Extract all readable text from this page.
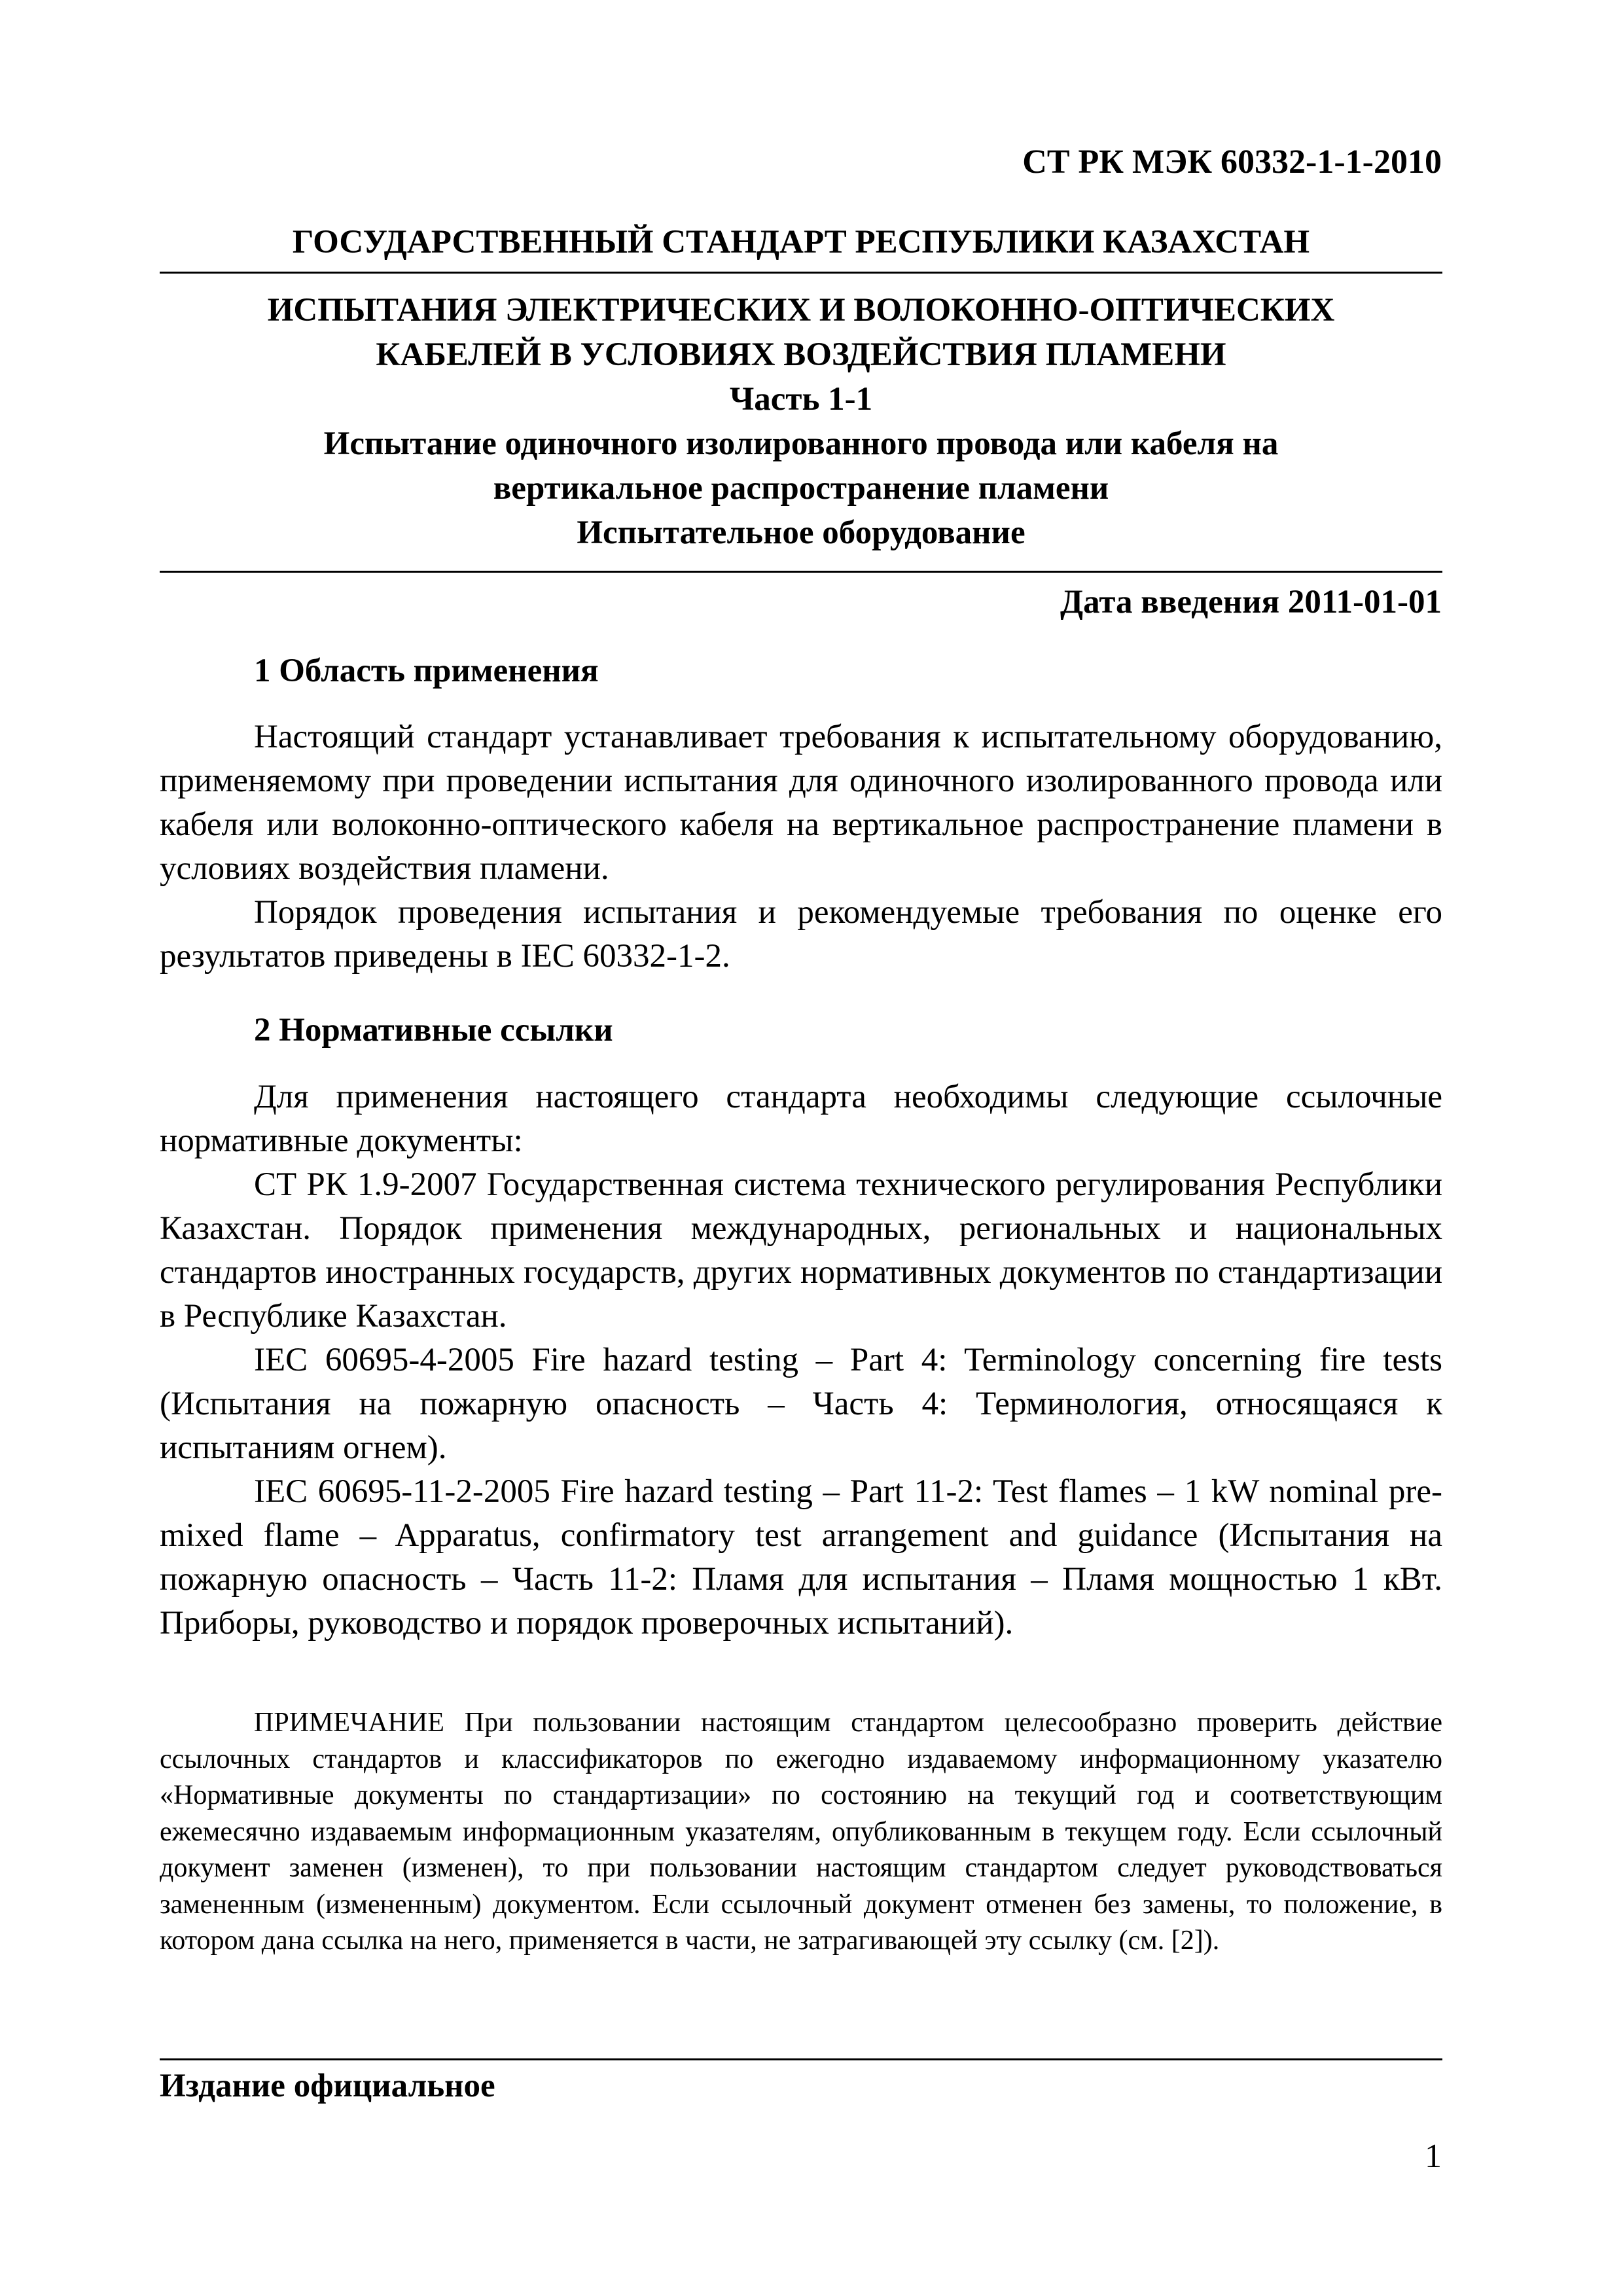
СТ РК МЭК 60332-1-1-2010
ГОСУДАРСТВЕННЫЙ СТАНДАРТ РЕСПУБЛИКИ КАЗАХСТАН

ИСПЫТАНИЯ ЭЛЕКТРИЧЕСКИХ И ВОЛОКОННО-ОПТИЧЕСКИХ

КАБЕЛЕЙ В УСЛОВИЯХ ВОЗДЕЙСТВИЯ ПЛАМЕНИ

Часть 1-1

Испытание одиночного изолированного провода или кабеля на

вертикальное распространение пламени

Испытательное оборудование

Дата введения 2011-01-01
1 Область применения

Настоящий стандарт устанавливает требования к испытательному оборудованию, применяемому при проведении испытания для одиночного изолированного провода или кабеля или волоконно-оптического кабеля на вертикальное распространение пламени в условиях воздействия пламени.

Порядок проведения испытания и рекомендуемые требования по оценке его результатов приведены в IEC 60332-1-2.

2 Нормативные ссылки

Для применения настоящего стандарта необходимы следующие ссылочные нормативные документы:

СТ РК 1.9-2007 Государственная система технического регулирования Республики Казахстан. Порядок применения международных, региональных и национальных стандартов иностранных государств, других нормативных документов по стандартизации в Республике Казахстан.

IEC 60695-4-2005 Fire hazard testing – Part 4: Terminology concerning fire tests (Испытания на пожарную опасность – Часть 4: Терминология, относящаяся к испытаниям огнем).

IEC 60695-11-2-2005 Fire hazard testing – Part 11-2: Test flames – 1 kW nominal pre-mixed flame – Apparatus, confirmatory test arrangement and guidance (Испытания на пожарную опасность – Часть 11-2: Пламя для испытания – Пламя мощностью 1 кВт. Приборы, руководство и порядок проверочных испытаний).

ПРИМЕЧАНИЕ При пользовании настоящим стандартом целесообразно проверить действие ссылочных стандартов и классификаторов по ежегодно издаваемому информационному указателю «Нормативные документы по стандартизации» по состоянию на текущий год и соответствующим ежемесячно издаваемым информационным указателям, опубликованным в текущем году. Если ссылочный документ заменен (изменен), то при пользовании настоящим стандартом следует руководствоваться замененным (измененным) документом. Если ссылочный документ отменен без замены, то положение, в котором дана ссылка на него, применяется в части, не затрагивающей эту ссылку (см. [2]).

Издание официальное
1
